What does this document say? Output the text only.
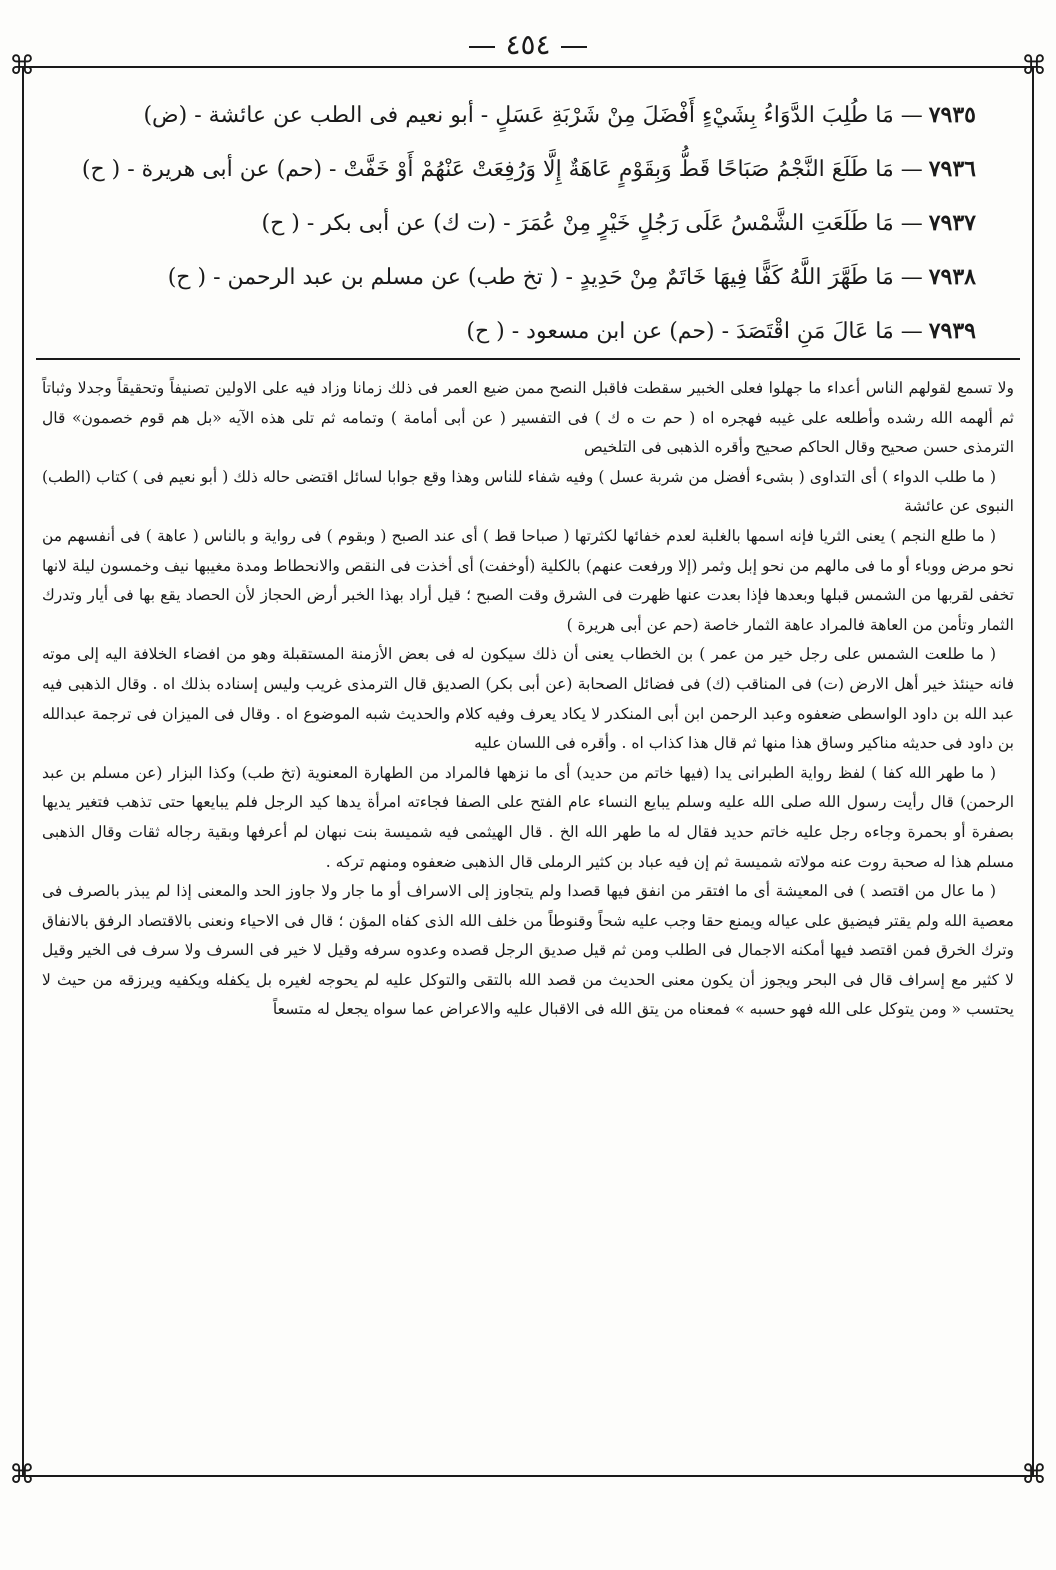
٤٥٤
⌘	⌘
⌘	⌘
٧٩٣٥— مَا طُلِبَ الدَّوَاءُ بِشَيْءٍ أَفْضَلَ مِنْ شَرْبَةِ عَسَلٍ - أبو نعيم فى الطب عن عائشة - (ض)
٧٩٣٦— مَا طَلَعَ النَّجْمُ صَبَاحًا قَطُّ وَبِقَوْمٍ عَاهَةٌ إِلَّا وَرُفِعَتْ عَنْهُمْ أَوْ خَفَّتْ - (حم) عن أبى هريرة - ( ح)
٧٩٣٧— مَا طَلَعَتِ الشَّمْسُ عَلَى رَجُلٍ خَيْرٍ مِنْ عُمَرَ - (ت ك) عن أبى بكر - ( ح)
٧٩٣٨— مَا طَهَّرَ اللَّهُ كَفًّا فِيهَا خَاتَمٌ مِنْ حَدِيدٍ - ( تخ طب) عن مسلم بن عبد الرحمن - ( ح)
٧٩٣٩— مَا عَالَ مَنِ اقْتَصَدَ - (حم) عن ابن مسعود - ( ح)

ولا تسمع لقولهم الناس أعداء ما جهلوا فعلى الخبير سقطت فاقبل النصح ممن ضيع العمر فى ذلك زمانا وزاد فيه على الاولين تصنيفاً وتحقيقاً وجدلا وثباتاً ثم ألهمه الله رشده وأطلعه على غيبه فهجره اه ( حم ت ه ك ) فى التفسير ( عن أبى أمامة ) وتمامه ثم تلى هذه الآيه «بل هم قوم خصمون» قال الترمذى حسن صحيح وقال الحاكم صحيح وأقره الذهبى فى التلخيص

( ما طلب الدواء ) أى التداوى ( بشىء أفضل من شربة عسل ) وفيه شفاء للناس وهذا وقع جوابا لسائل اقتضى حاله ذلك ( أبو نعيم فى ) كتاب (الطب) النبوى عن عائشة

( ما طلع النجم ) يعنى الثريا فإنه اسمها بالغلبة لعدم خفائها لكثرتها ( صباحا قط ) أى عند الصبح ( وبقوم ) فى رواية و بالناس ( عاهة ) فى أنفسهم من نحو مرض ووباء أو ما فى مالهم من نحو إبل وثمر (إلا ورفعت عنهم) بالكلية (أوخفت) أى أخذت فى النقص والانحطاط ومدة مغيبها نيف وخمسون ليلة لانها تخفى لقربها من الشمس قبلها وبعدها فإذا بعدت عنها ظهرت فى الشرق وقت الصبح ؛ قيل أراد بهذا الخبر أرض الحجاز لأن الحصاد يقع بها فى أيار وتدرك الثمار وتأمن من العاهة فالمراد عاهة الثمار خاصة (حم عن أبى هريرة )

( ما طلعت الشمس على رجل خير من عمر ) بن الخطاب يعنى أن ذلك سيكون له فى بعض الأزمنة المستقبلة وهو من افضاء الخلافة اليه إلى موته فانه حينئذ خير أهل الارض (ت) فى المناقب (ك) فى فضائل الصحابة (عن أبى بكر) الصديق قال الترمذى غريب وليس إسناده بذلك اه . وقال الذهبى فيه عبد الله بن داود الواسطى ضعفوه وعبد الرحمن ابن أبى المنكدر لا يكاد يعرف وفيه كلام والحديث شبه الموضوع اه . وقال فى الميزان فى ترجمة عبدالله بن داود فى حديثه مناكير وساق هذا منها ثم قال هذا كذاب اه . وأقره فى اللسان عليه

( ما طهر الله كفا ) لفظ رواية الطبرانى يدا (فيها خاتم من حديد) أى ما نزهها فالمراد من الطهارة المعنوية (تخ طب) وكذا البزار (عن مسلم بن عبد الرحمن) قال رأيت رسول الله صلى الله عليه وسلم يبايع النساء عام الفتح على الصفا فجاءته امرأة يدها كيد الرجل فلم يبايعها حتى تذهب فتغير يديها بصفرة أو بحمرة وجاءه رجل عليه خاتم حديد فقال له ما طهر الله الخ . قال الهيثمى فيه شميسة بنت نبهان لم أعرفها وبقية رجاله ثقات وقال الذهبى مسلم هذا له صحبة روت عنه مولاته شميسة ثم إن فيه عباد بن كثير الرملى قال الذهبى ضعفوه ومنهم تركه .

( ما عال من اقتصد ) فى المعيشة أى ما افتقر من انفق فيها قصدا ولم يتجاوز إلى الاسراف أو ما جار ولا جاوز الحد والمعنى إذا لم يبذر بالصرف فى معصية الله ولم يقتر فيضيق على عياله ويمنع حقا وجب عليه شحاً وقنوطاً من خلف الله الذى كفاه المؤن ؛ قال فى الاحياء ونعنى بالاقتصاد الرفق بالانفاق وترك الخرق فمن اقتصد فيها أمكنه الاجمال فى الطلب ومن ثم قيل صديق الرجل قصده وعدوه سرفه وقيل لا خير فى السرف ولا سرف فى الخير وقيل لا كثير مع إسراف قال فى البحر ويجوز أن يكون معنى الحديث من قصد الله بالتقى والتوكل عليه لم يحوجه لغيره بل يكفله ويكفيه ويرزقه من حيث لا يحتسب « ومن يتوكل على الله فهو حسبه » فمعناه من يتق الله فى الاقبال عليه والاعراض عما سواه يجعل له متسعاً
